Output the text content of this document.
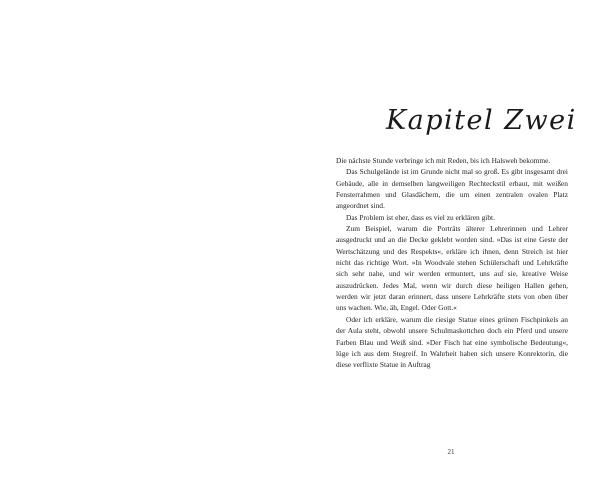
Kapitel Zwei

Die nächste Stunde verbringe ich mit Reden, bis ich Halsweh bekomme.

Das Schulgelände ist im Grunde nicht mal so groß. Es gibt insgesamt drei Gebäude, alle in demselben langweiligen Rechteckstil erbaut, mit weißen Fensterrahmen und Glasdächern, die um einen zentralen ovalen Platz angeordnet sind.

Das Problem ist eher, dass es viel zu erklären gibt.

Zum Beispiel, warum die Porträts älterer Lehrerinnen und Lehrer ausgedruckt und an die Decke geklebt worden sind. »Das ist eine Geste der Wertschätzung und des Respekts«, erkläre ich ihnen, denn Streich ist hier nicht das richtige Wort. »In Woodvale stehen Schülerschaft und Lehrkräfte sich sehr nahe, und wir werden ermuntert, uns auf sie, kreative Weise auszudrücken. Jedes Mal, wenn wir durch diese heiligen Hallen gehen, werden wir jetzt daran erinnert, dass unsere Lehrkräfte stets von oben über uns wachen. Wie, äh, Engel. Oder Gott.«

Oder ich erkläre, warum die riesige Statue eines grünen Fischpinkels an der Aula steht, obwohl unsere Schulmaskottchen doch ein Pferd und unsere Farben Blau und Weiß sind. »Der Fisch hat eine symbolische Bedeutung«, lüge ich aus dem Stegreif. In Wahrheit haben sich unsere Konrektorin, die diese verflixte Statue in Auftrag

21
